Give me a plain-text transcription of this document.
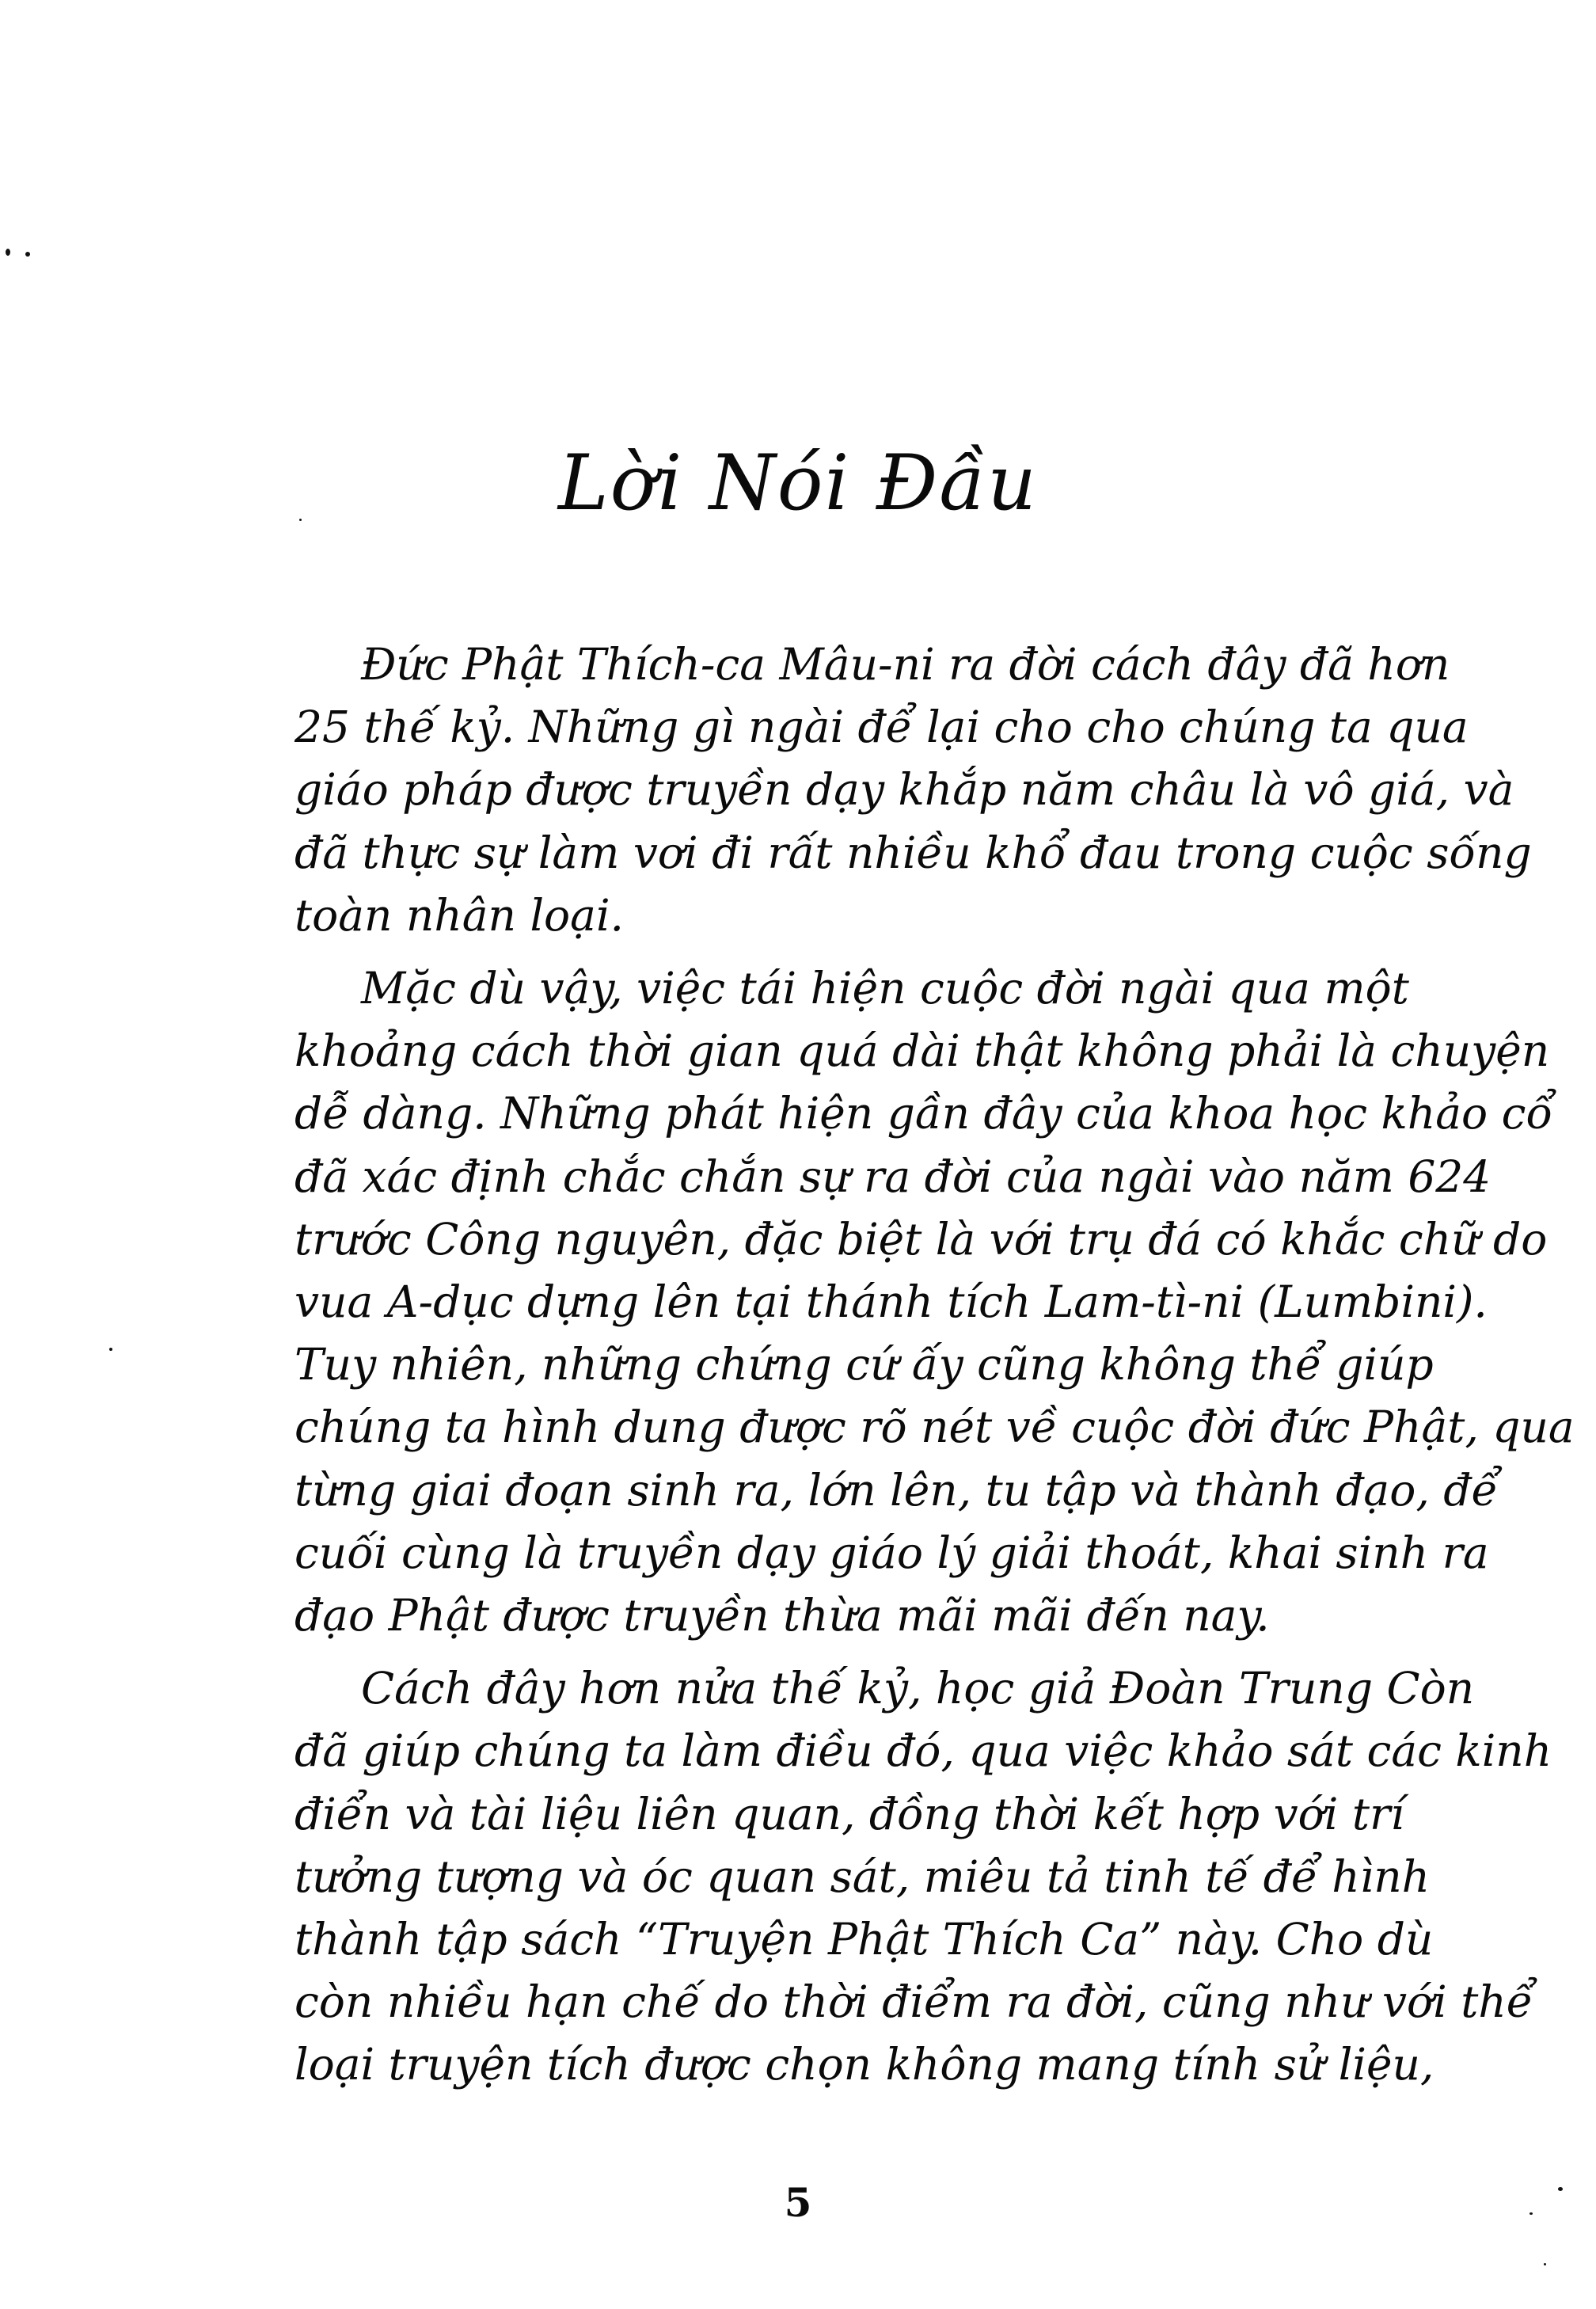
Lời Nói Đầu

Đức Phật Thích-ca Mâu-ni ra đời cách đây đã hơn
25 thế kỷ. Những gì ngài để lại cho cho chúng ta qua
giáo pháp được truyền dạy khắp năm châu là vô giá, và
đã thực sự làm vơi đi rất nhiều khổ đau trong cuộc sống
toàn nhân loại.

Mặc dù vậy, việc tái hiện cuộc đời ngài qua một
khoảng cách thời gian quá dài thật không phải là chuyện
dễ dàng. Những phát hiện gần đây của khoa học khảo cổ
đã xác định chắc chắn sự ra đời của ngài vào năm 624
trước Công nguyên, đặc biệt là với trụ đá có khắc chữ do
vua A-dục dựng lên tại thánh tích Lam-tì-ni (Lumbini).
Tuy nhiên, những chứng cứ ấy cũng không thể giúp
chúng ta hình dung được rõ nét về cuộc đời đức Phật, qua
từng giai đoạn sinh ra, lớn lên, tu tập và thành đạo, để
cuối cùng là truyền dạy giáo lý giải thoát, khai sinh ra
đạo Phật được truyền thừa mãi mãi đến nay.

Cách đây hơn nửa thế kỷ, học giả Đoàn Trung Còn
đã giúp chúng ta làm điều đó, qua việc khảo sát các kinh
điển và tài liệu liên quan, đồng thời kết hợp với trí
tưởng tượng và óc quan sát, miêu tả tinh tế để hình
thành tập sách “Truyện Phật Thích Ca” này. Cho dù
còn nhiều hạn chế do thời điểm ra đời, cũng như với thể
loại truyện tích được chọn không mang tính sử liệu,

5
